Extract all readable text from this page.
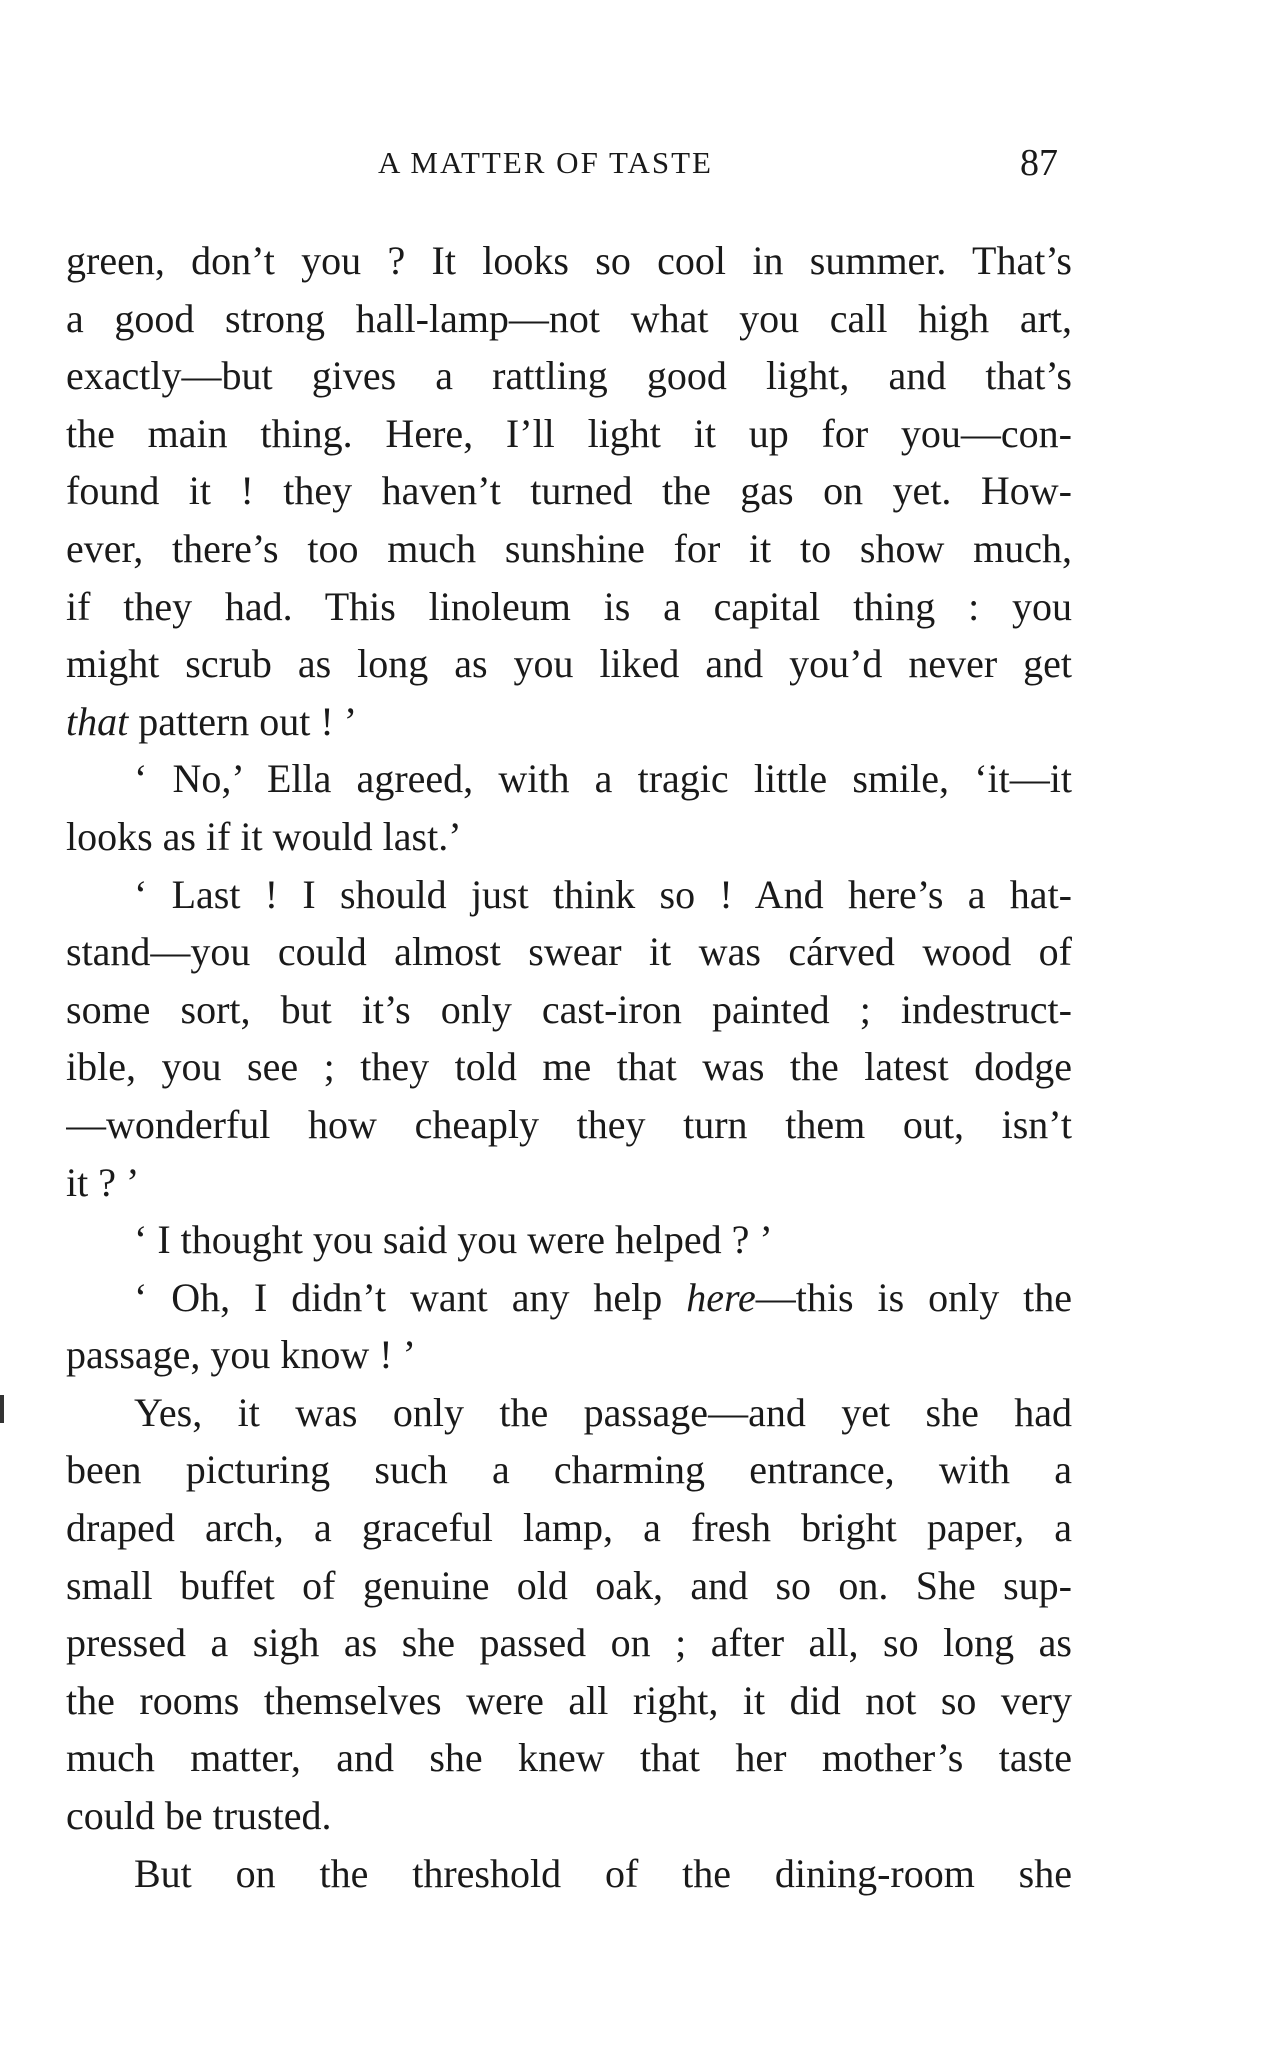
A MATTER OF TASTE	87
green, don’t you ? It looks so cool in summer. That’s
a good strong hall-lamp—not what you call high art,
exactly—but gives a rattling good light, and that’s
the main thing. Here, I’ll light it up for you—con-
found it ! they haven’t turned the gas on yet. How-
ever, there’s too much sunshine for it to show much,
if they had. This linoleum is a capital thing : you
might scrub as long as you liked and you’d never get
that pattern out ! ’
‘ No,’ Ella agreed, with a tragic little smile, ‘it—it
looks as if it would last.’
‘ Last ! I should just think so ! And here’s a hat-
stand—you could almost swear it was cárved wood of
some sort, but it’s only cast-iron painted ; indestruct-
ible, you see ; they told me that was the latest dodge
—wonderful how cheaply they turn them out, isn’t
it ? ’
‘ I thought you said you were helped ? ’
‘ Oh, I didn’t want any help here—this is only the
passage, you know ! ’
Yes, it was only the passage—and yet she had
been picturing such a charming entrance, with a
draped arch, a graceful lamp, a fresh bright paper, a
small buffet of genuine old oak, and so on. She sup-
pressed a sigh as she passed on ; after all, so long as
the rooms themselves were all right, it did not so very
much matter, and she knew that her mother’s taste
could be trusted.
But on the threshold of the dining-room she
